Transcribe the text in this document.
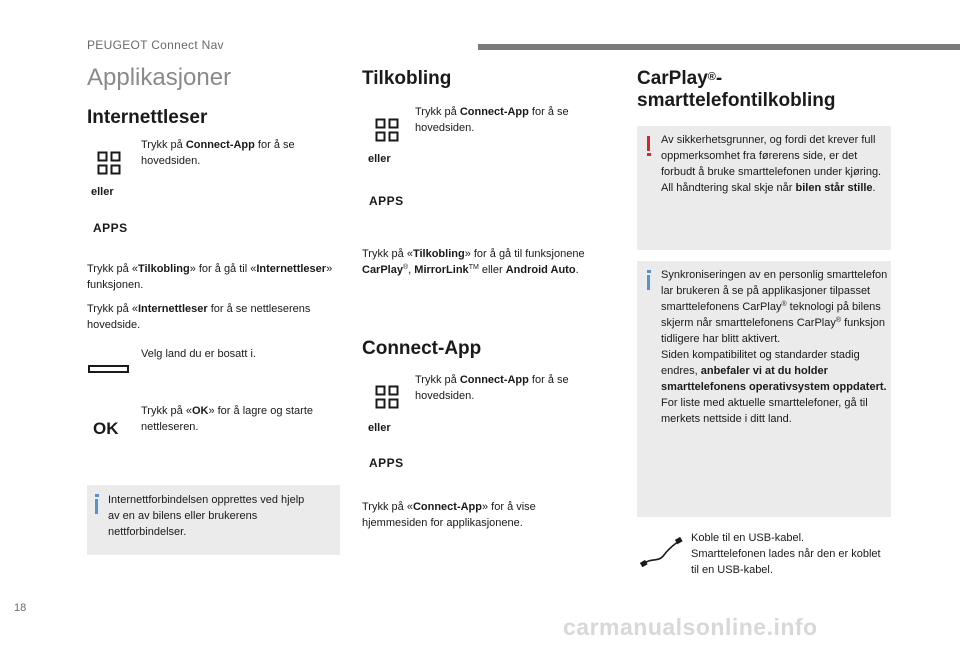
PEUGEOT Connect Nav
Applikasjoner
Internettleser
Trykk på Connect-App for å se hovedsiden.
eller
APPS
Trykk på «Tilkobling» for å gå til «Internettleser» funksjonen.
Trykk på «Internettleser for å se nettleserens hovedside.
Velg land du er bosatt i.
OK
Trykk på «OK» for å lagre og starte nettleseren.
Internettforbindelsen opprettes ved hjelp av en av bilens eller brukerens nettforbindelser.
Tilkobling
Trykk på Connect-App for å se hovedsiden.
eller
APPS
Trykk på «Tilkobling» for å gå til funksjonene CarPlay®, MirrorLink™ eller Android Auto.
Connect-App
Trykk på Connect-App for å se hovedsiden.
eller
APPS
Trykk på «Connect-App» for å vise hjemmesiden for applikasjonene.
CarPlay®-
smarttelefontilkobling
Av sikkerhetsgrunner, og fordi det krever full oppmerksomhet fra førerens side, er det forbudt å bruke smarttelefonen under kjøring.
All håndtering skal skje når bilen står stille.
Synkroniseringen av en personlig smarttelefon lar brukeren å se på applikasjoner tilpasset smarttelefonens CarPlay® teknologi på bilens skjerm når smarttelefonens CarPlay® funksjon tidligere har blitt aktivert.
Siden kompatibilitet og standarder stadig endres, anbefaler vi at du holder smarttelefonens operativsystem oppdatert.
For liste med aktuelle smarttelefoner, gå til merkets nettside i ditt land.
Koble til en USB-kabel.
Smarttelefonen lades når den er koblet til en USB-kabel.
18
carmanualsonline.info
